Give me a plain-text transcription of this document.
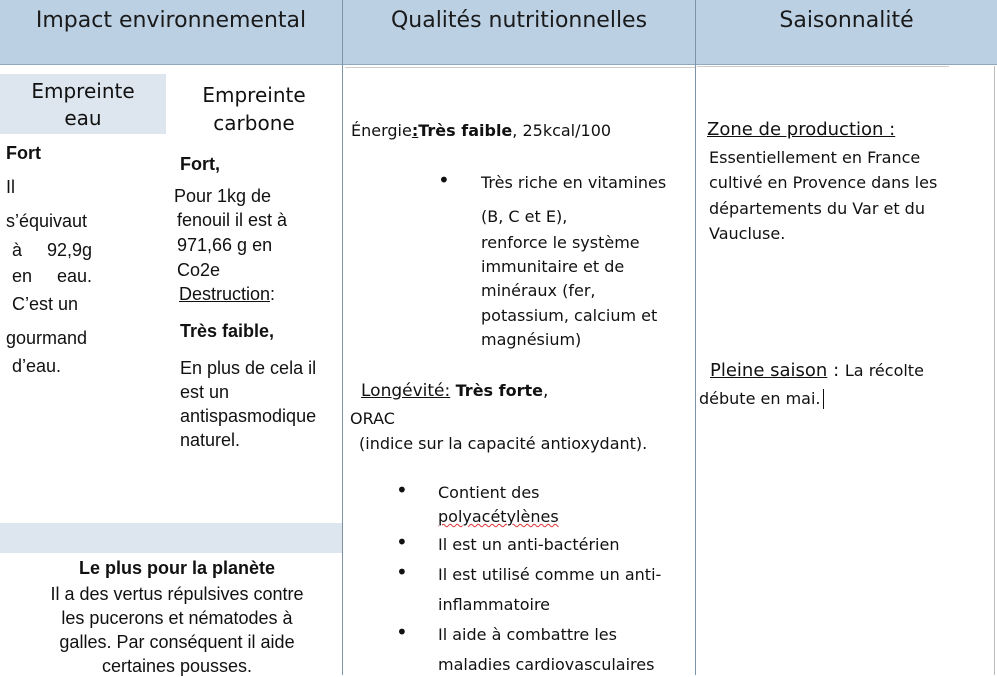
Impact environnemental	Qualités nutritionnelles	Saisonnalité
Empreinte
eau
Empreinte
carbone
Fort
Il
s’équivaut
à     92,9g
en     eau.
C’est un
gourmand
d’eau.
Fort,
Pour 1kg de
fenouil il est à
971,66 g en
Co2e
Destruction:
Très faible,
En plus de cela il
est un
antispasmodique
naturel.
Le plus pour la planète
Il a des vertus répulsives contre
les pucerons et nématodes à
galles. Par conséquent il aide
certaines pousses.
Énergie:Très faible, 25kcal/100
• Très riche en vitamines
(B, C et E),
renforce le système
immunitaire et de
minéraux (fer,
potassium, calcium et
magnésium)
Longévité: Très forte,
ORAC
(indice sur la capacité antioxydant).
• Contient des
polyacétylènes
• Il est un anti-bactérien
• Il est utilisé comme un anti-
inflammatoire
• Il aide à combattre les
maladies cardiovasculaires
Zone de production :
Essentiellement en France
cultivé en Provence dans les
départements du Var et du
Vaucluse.
Pleine saison : La récolte
débute en mai.
